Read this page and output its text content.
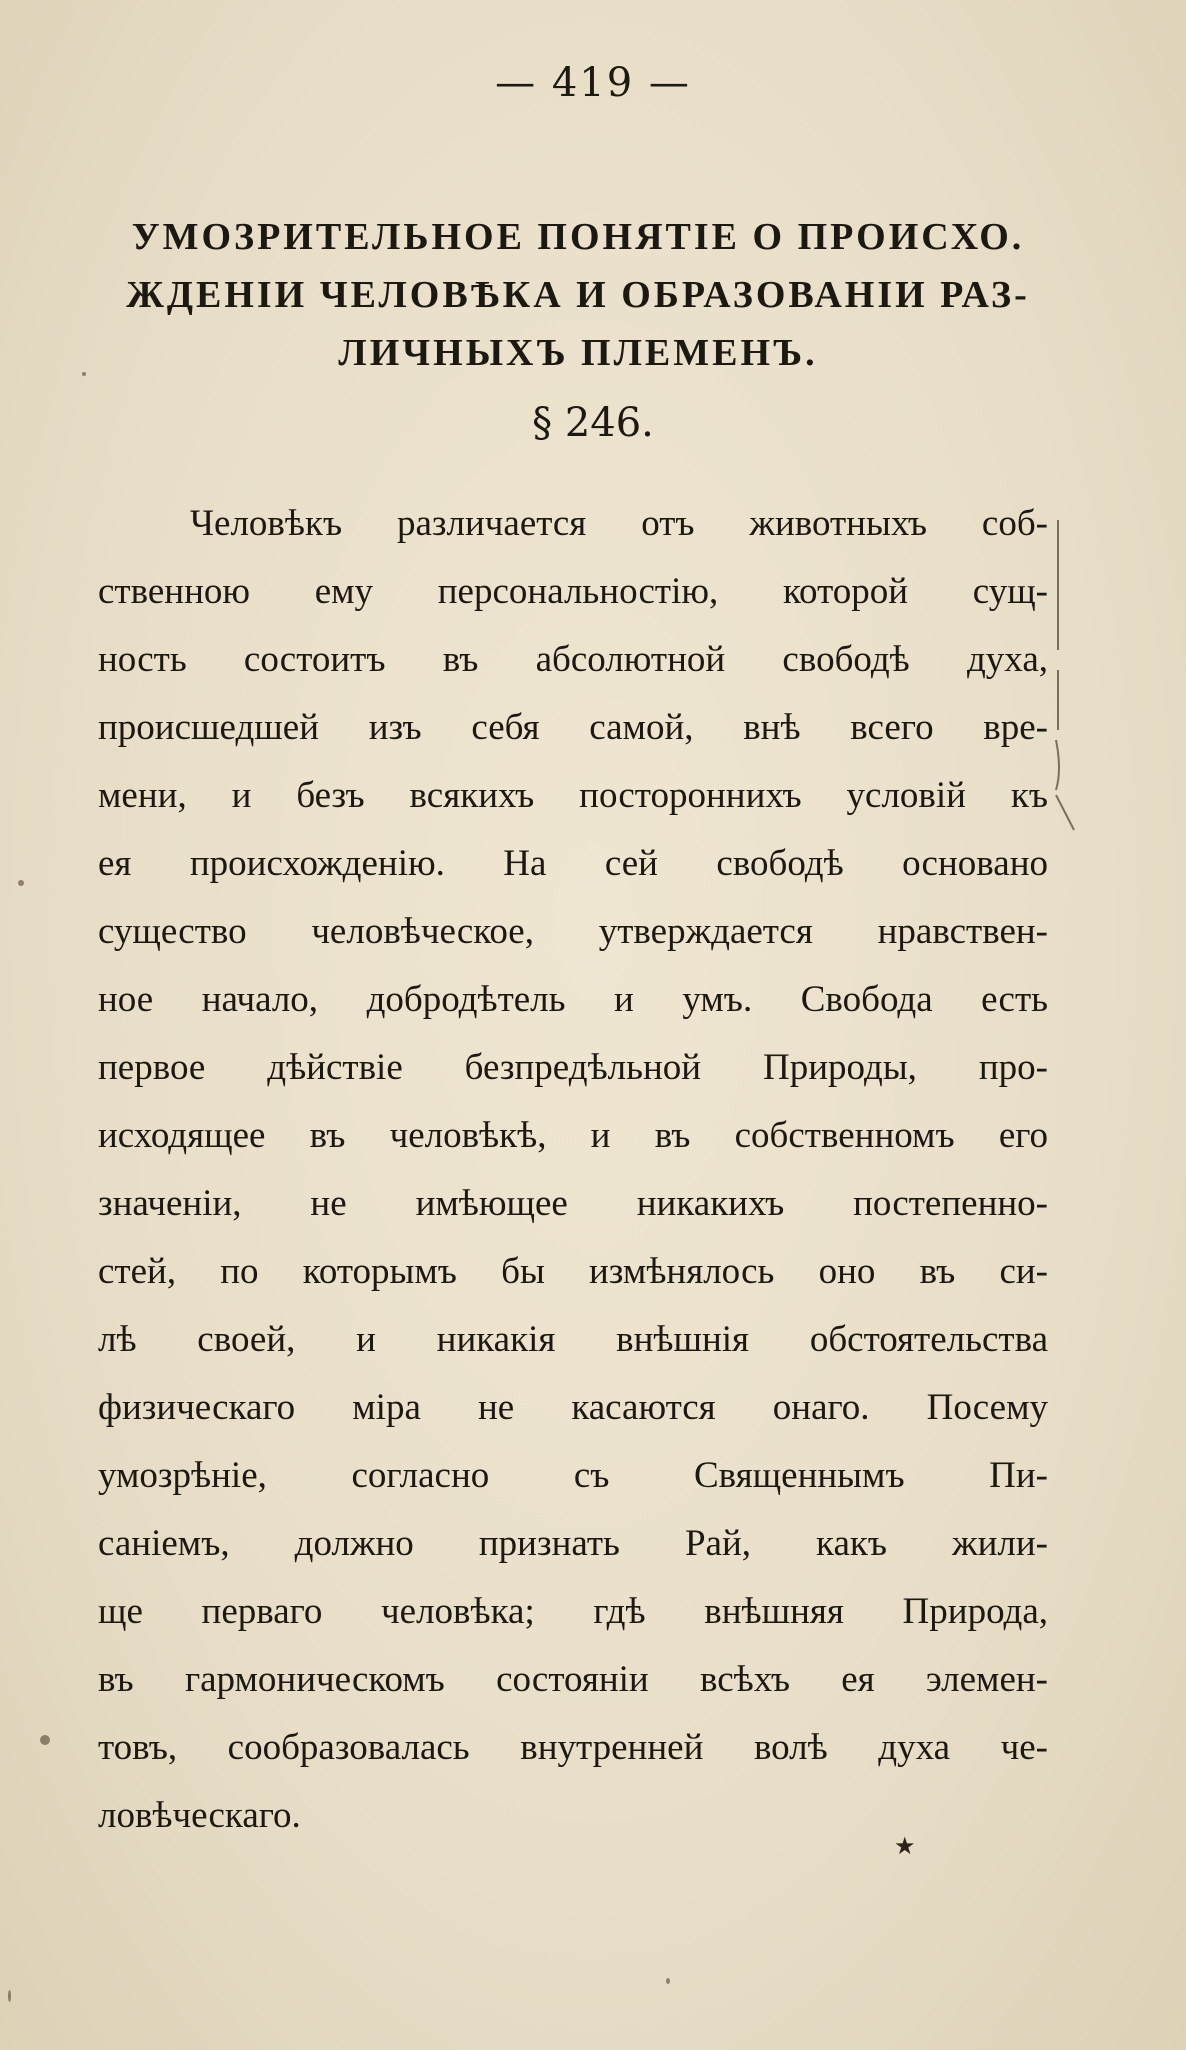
— 419 —
УМОЗРИТЕЛЬНОЕ ПОНЯТІЕ О ПРОИСХО.
ЖДЕНІИ ЧЕЛОВѢКА И ОБРАЗОВАНІИ РАЗ-
ЛИЧНЫХЪ ПЛЕМЕНЪ.
§ 246.
Человѣкъ различается отъ животныхъ соб-
ственною ему персональностію, которой сущ-
ность состоитъ въ абсолютной свободѣ духа,
происшедшей изъ себя самой, внѣ всего вре-
мени, и безъ всякихъ постороннихъ условій къ
ея происхожденію. На сей свободѣ основано
существо человѣческое, утверждается нравствен-
ное начало, добродѣтель и умъ. Свобода есть
первое дѣйствіе безпредѣльной Природы, про-
исходящее въ человѣкѣ, и въ собственномъ его
значеніи, не имѣющее никакихъ постепенно-
стей, по которымъ бы измѣнялось оно въ си-
лѣ своей, и никакія внѣшнія обстоятельства
физическаго міра не касаются онаго. Посему
умозрѣніе, согласно съ Священнымъ Пи-
саніемъ, должно признать Рай, какъ жили-
ще перваго человѣка; гдѣ внѣшняя Природа,
въ гармоническомъ состояніи всѣхъ ея элемен-
товъ, сообразовалась внутренней волѣ духа че-
ловѣческаго.
★
